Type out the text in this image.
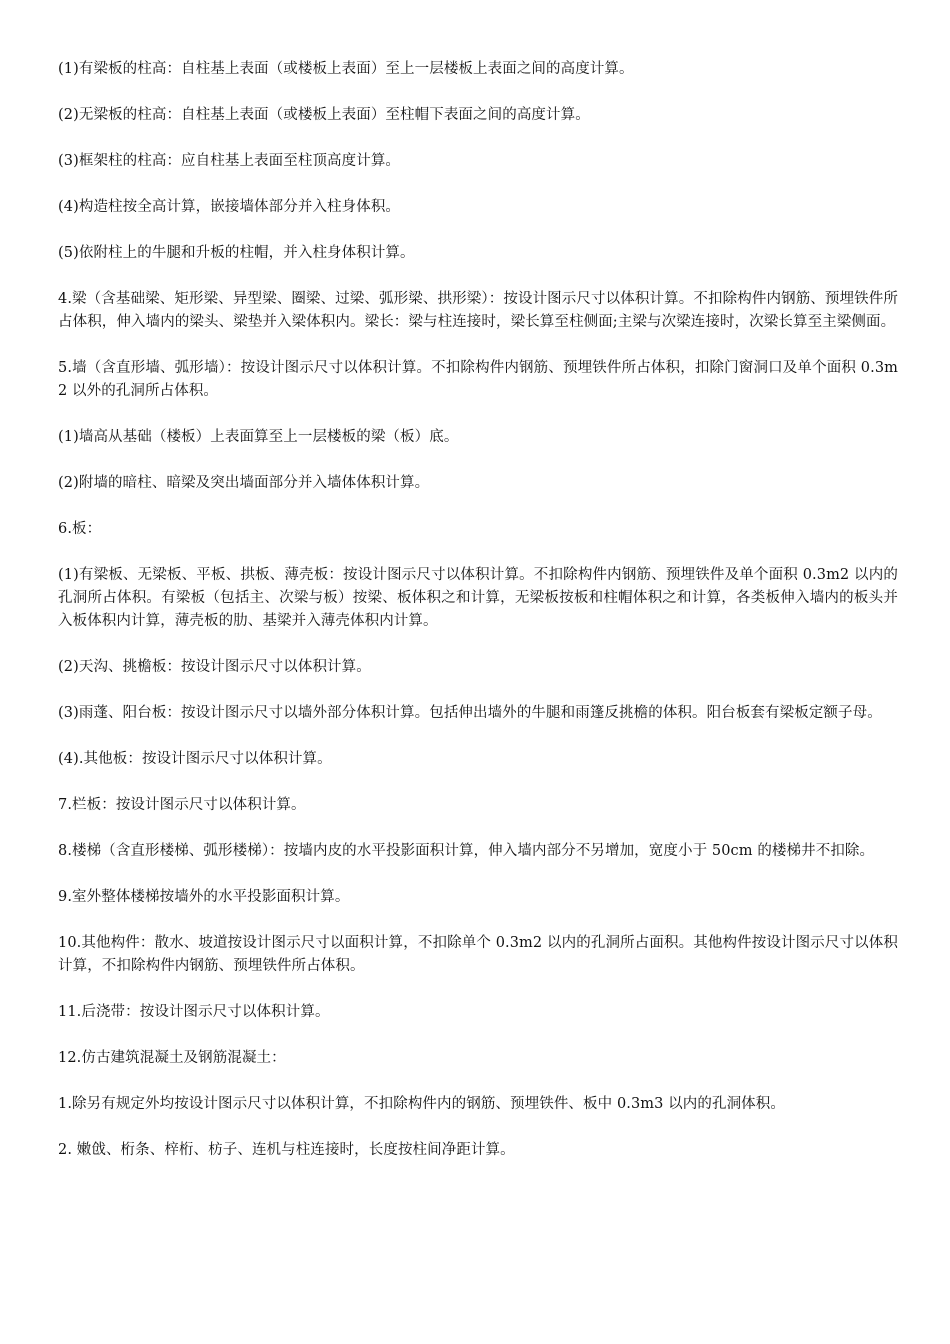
(1)有梁板的柱高：自柱基上表面（或楼板上表面）至上一层楼板上表面之间的高度计算。

(2)无梁板的柱高：自柱基上表面（或楼板上表面）至柱帽下表面之间的高度计算。

(3)框架柱的柱高：应自柱基上表面至柱顶高度计算。

(4)构造柱按全高计算，嵌接墙体部分并入柱身体积。

(5)依附柱上的牛腿和升板的柱帽，并入柱身体积计算。

4.梁（含基础梁、矩形梁、异型梁、圈梁、过梁、弧形梁、拱形梁）：按设计图示尺寸以体积计算。不扣除构件内钢筋、预埋铁件所占体积，伸入墙内的梁头、梁垫并入梁体积内。梁长：梁与柱连接时，梁长算至柱侧面;主梁与次梁连接时，次梁长算至主梁侧面。

5.墙（含直形墙、弧形墙）：按设计图示尺寸以体积计算。不扣除构件内钢筋、预埋铁件所占体积，扣除门窗洞口及单个面积 0.3m2 以外的孔洞所占体积。

(1)墙高从基础（楼板）上表面算至上一层楼板的梁（板）底。

(2)附墙的暗柱、暗梁及突出墙面部分并入墙体体积计算。

6.板：

(1)有梁板、无梁板、平板、拱板、薄壳板：按设计图示尺寸以体积计算。不扣除构件内钢筋、预埋铁件及单个面积 0.3m2 以内的孔洞所占体积。有梁板（包括主、次梁与板）按梁、板体积之和计算，无梁板按板和柱帽体积之和计算，各类板伸入墙内的板头并入板体积内计算，薄壳板的肋、基梁并入薄壳体积内计算。

(2)天沟、挑檐板：按设计图示尺寸以体积计算。

(3)雨蓬、阳台板：按设计图示尺寸以墙外部分体积计算。包括伸出墙外的牛腿和雨篷反挑檐的体积。阳台板套有梁板定额子母。

(4).其他板：按设计图示尺寸以体积计算。

7.栏板：按设计图示尺寸以体积计算。

8.楼梯（含直形楼梯、弧形楼梯）：按墙内皮的水平投影面积计算，伸入墙内部分不另增加，宽度小于 50cm 的楼梯井不扣除。

9.室外整体楼梯按墙外的水平投影面积计算。

10.其他构件：散水、坡道按设计图示尺寸以面积计算，不扣除单个 0.3m2 以内的孔洞所占面积。其他构件按设计图示尺寸以体积计算，不扣除构件内钢筋、预埋铁件所占体积。

11.后浇带：按设计图示尺寸以体积计算。

12.仿古建筑混凝土及钢筋混凝土：

1.除另有规定外均按设计图示尺寸以体积计算，不扣除构件内的钢筋、预埋铁件、板中 0.3m3 以内的孔洞体积。

2. 嫩戗、桁条、梓桁、枋子、连机与柱连接时，长度按柱间净距计算。
